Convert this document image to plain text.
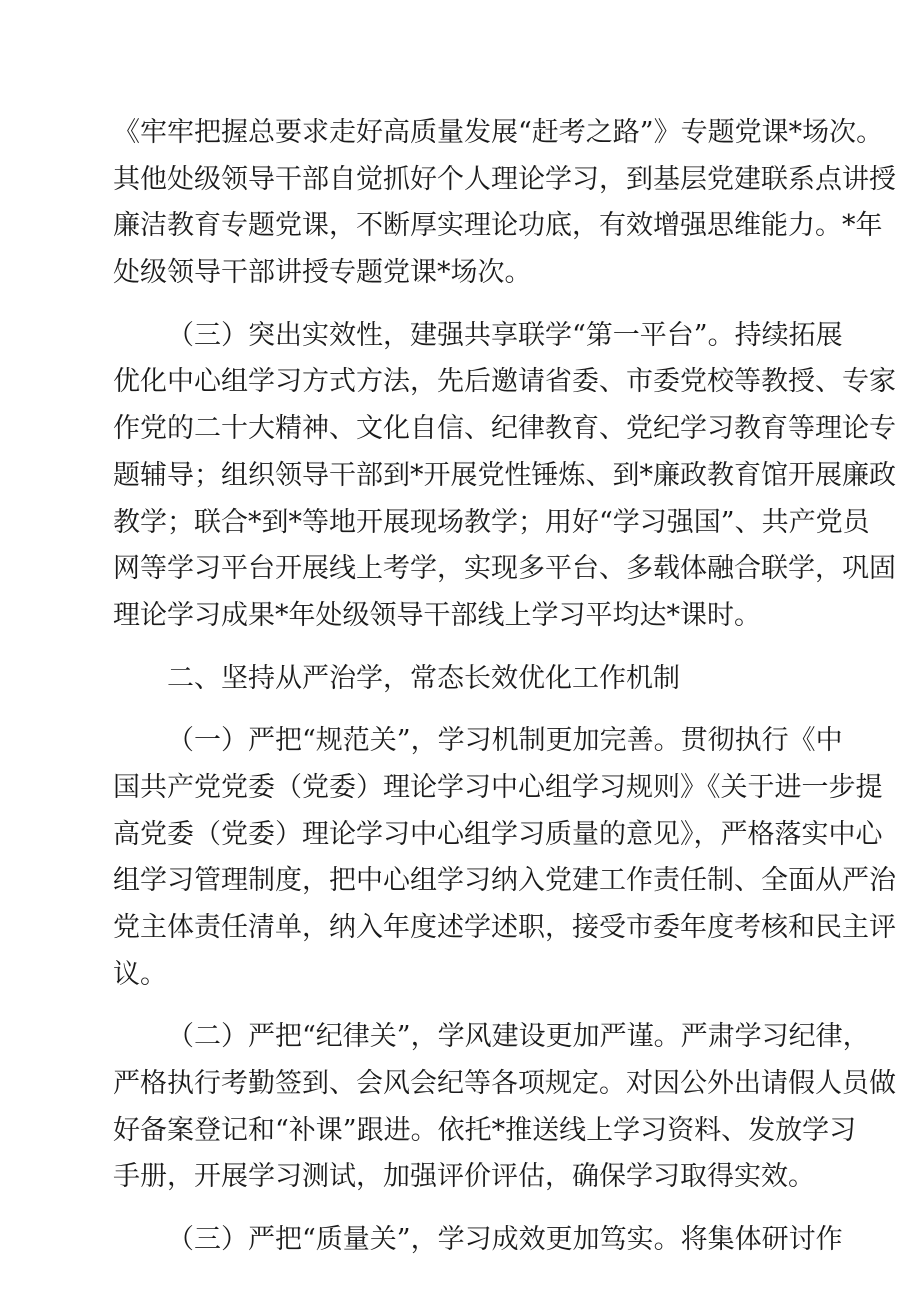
《牢牢把握总要求走好高质量发展“赶考之路”》专题党课*场次。
其他处级领导干部自觉抓好个人理论学习，到基层党建联系点讲授
廉洁教育专题党课，不断厚实理论功底，有效增强思维能力。*年
处级领导干部讲授专题党课*场次。
（三）突出实效性，建强共享联学“第一平台”。持续拓展
优化中心组学习方式方法，先后邀请省委、市委党校等教授、专家
作党的二十大精神、文化自信、纪律教育、党纪学习教育等理论专
题辅导；组织领导干部到*开展党性锤炼、到*廉政教育馆开展廉政
教学；联合*到*等地开展现场教学；用好“学习强国”、共产党员
网等学习平台开展线上考学，实现多平台、多载体融合联学，巩固
理论学习成果*年处级领导干部线上学习平均达*课时。
二、坚持从严治学，常态长效优化工作机制
（一）严把“规范关”，学习机制更加完善。贯彻执行《中
国共产党党委（党委）理论学习中心组学习规则》《关于进一步提
高党委（党委）理论学习中心组学习质量的意见》，严格落实中心
组学习管理制度，把中心组学习纳入党建工作责任制、全面从严治
党主体责任清单，纳入年度述学述职，接受市委年度考核和民主评
议。
（二）严把“纪律关”，学风建设更加严谨。严肃学习纪律，
严格执行考勤签到、会风会纪等各项规定。对因公外出请假人员做
好备案登记和“补课”跟进。依托*推送线上学习资料、发放学习
手册，开展学习测试，加强评价评估，确保学习取得实效。
（三）严把“质量关”，学习成效更加笃实。将集体研讨作
